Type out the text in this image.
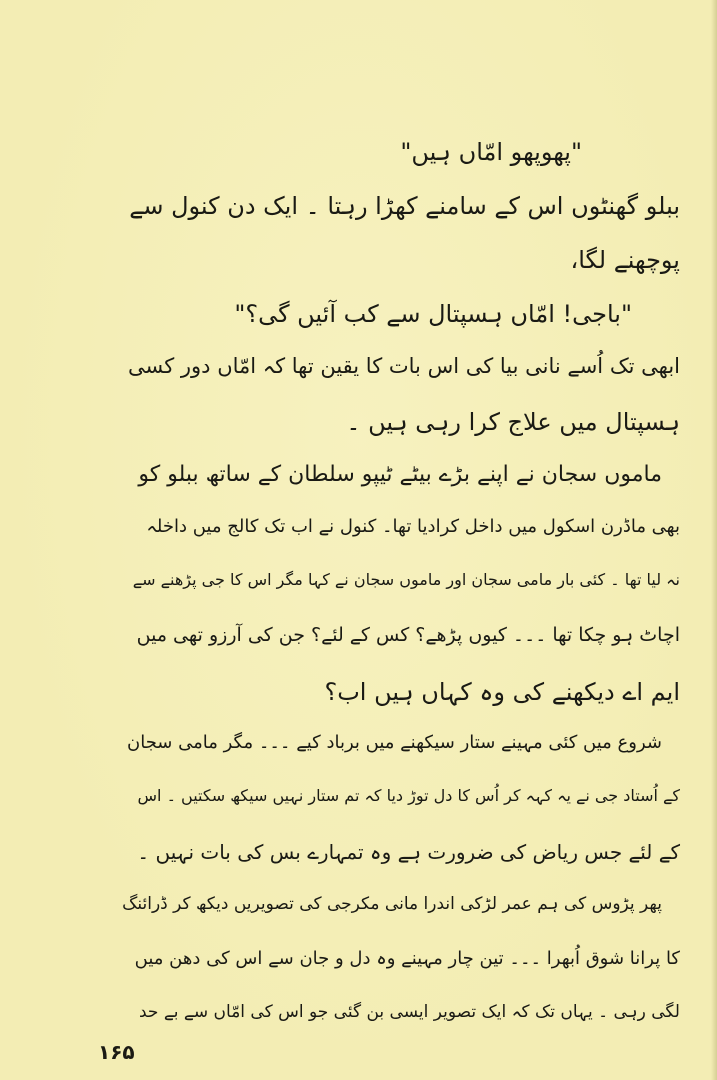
"پھوپھو امّاں ہیں"
ببلو گھنٹوں اس کے سامنے کھڑا رہتا ۔ ایک دن کنول سے
پوچھنے لگا،
"باجی! امّاں ہسپتال سے کب آئیں گی؟"
ابھی تک اُسے نانی بیا کی اس بات کا یقین تھا کہ امّاں دور کسی
ہسپتال میں علاج کرا رہی ہیں ۔
ماموں سجان نے اپنے بڑے بیٹے ٹیپو سلطان کے ساتھ ببلو کو
بھی ماڈرن اسکول میں داخل کرادیا تھا۔ کنول نے اب تک کالج میں داخلہ
نہ لیا تھا ۔ کئی بار مامی سجان اور ماموں سجان نے کہا مگر اس کا جی پڑھنے سے
اچاٹ ہو چکا تھا ۔۔۔ کیوں پڑھے؟ کس کے لئے؟ جن کی آرزو تھی میں
ایم اے دیکھنے کی وہ کہاں ہیں اب؟
شروع میں کئی مہینے ستار سیکھنے میں برباد کیے ۔۔۔ مگر مامی سجان
کے اُستاد جی نے یہ کہہ کر اُس کا دل توڑ دیا کہ تم ستار نہیں سیکھ سکتیں ۔ اس
کے لئے جس ریاض کی ضرورت ہے وہ تمہارے بس کی بات نہیں ۔
پھر پڑوس کی ہم عمر لڑکی اندرا مانی مکرجی کی تصویریں دیکھ کر ڈرائنگ
کا پرانا شوق اُبھرا ۔۔۔ تین چار مہینے وہ دل و جان سے اس کی دھن میں
لگی رہی ۔ یہاں تک کہ ایک تصویر ایسی بن گئی جو اس کی امّاں سے بے حد
۱۶۵
